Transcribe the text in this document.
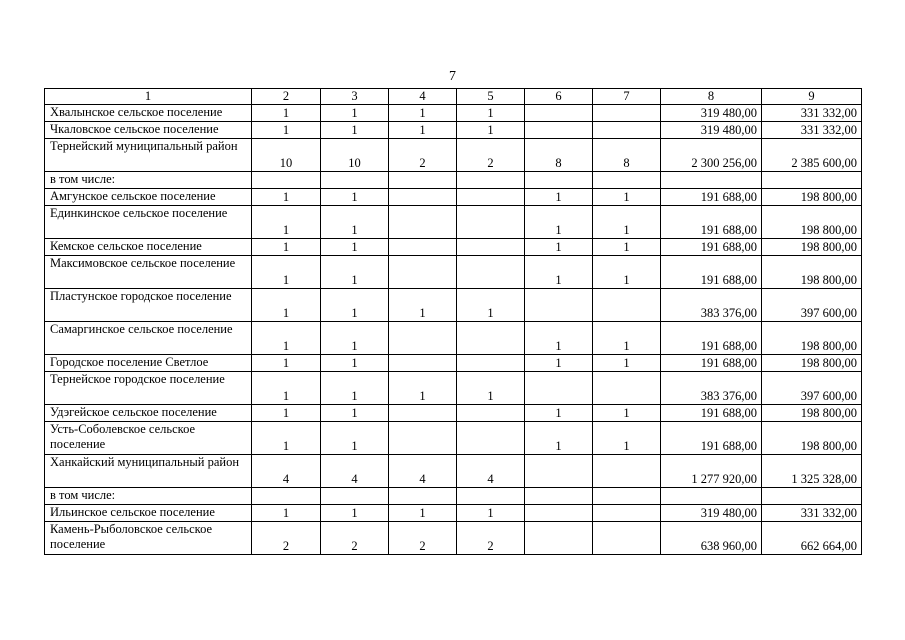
7
1	2	3	4	5	6	7	8	9
Хвалынское сельское поселение	1	1	1	1			319 480,00	331 332,00
Чкаловское сельское поселение	1	1	1	1			319 480,00	331 332,00
Тернейский муниципальный район	10	10	2	2	8	8	2 300 256,00	2 385 600,00
в том числе:								
Амгунское сельское поселение	1	1			1	1	191 688,00	198 800,00
Единкинское сельское поселение	1	1			1	1	191 688,00	198 800,00
Кемское сельское поселение	1	1			1	1	191 688,00	198 800,00
Максимовское сельское поселение	1	1			1	1	191 688,00	198 800,00
Пластунское городское поселение	1	1	1	1			383 376,00	397 600,00
Самаргинское сельское поселение	1	1			1	1	191 688,00	198 800,00
Городское поселение Светлое	1	1			1	1	191 688,00	198 800,00
Тернейское городское поселение	1	1	1	1			383 376,00	397 600,00
Удэгейское сельское поселение	1	1			1	1	191 688,00	198 800,00
Усть-Соболевское сельское поселение	1	1			1	1	191 688,00	198 800,00
Ханкайский муниципальный район	4	4	4	4			1 277 920,00	1 325 328,00
в том числе:								
Ильинское сельское поселение	1	1	1	1			319 480,00	331 332,00
Камень-Рыболовское сельское поселение	2	2	2	2			638 960,00	662 664,00
